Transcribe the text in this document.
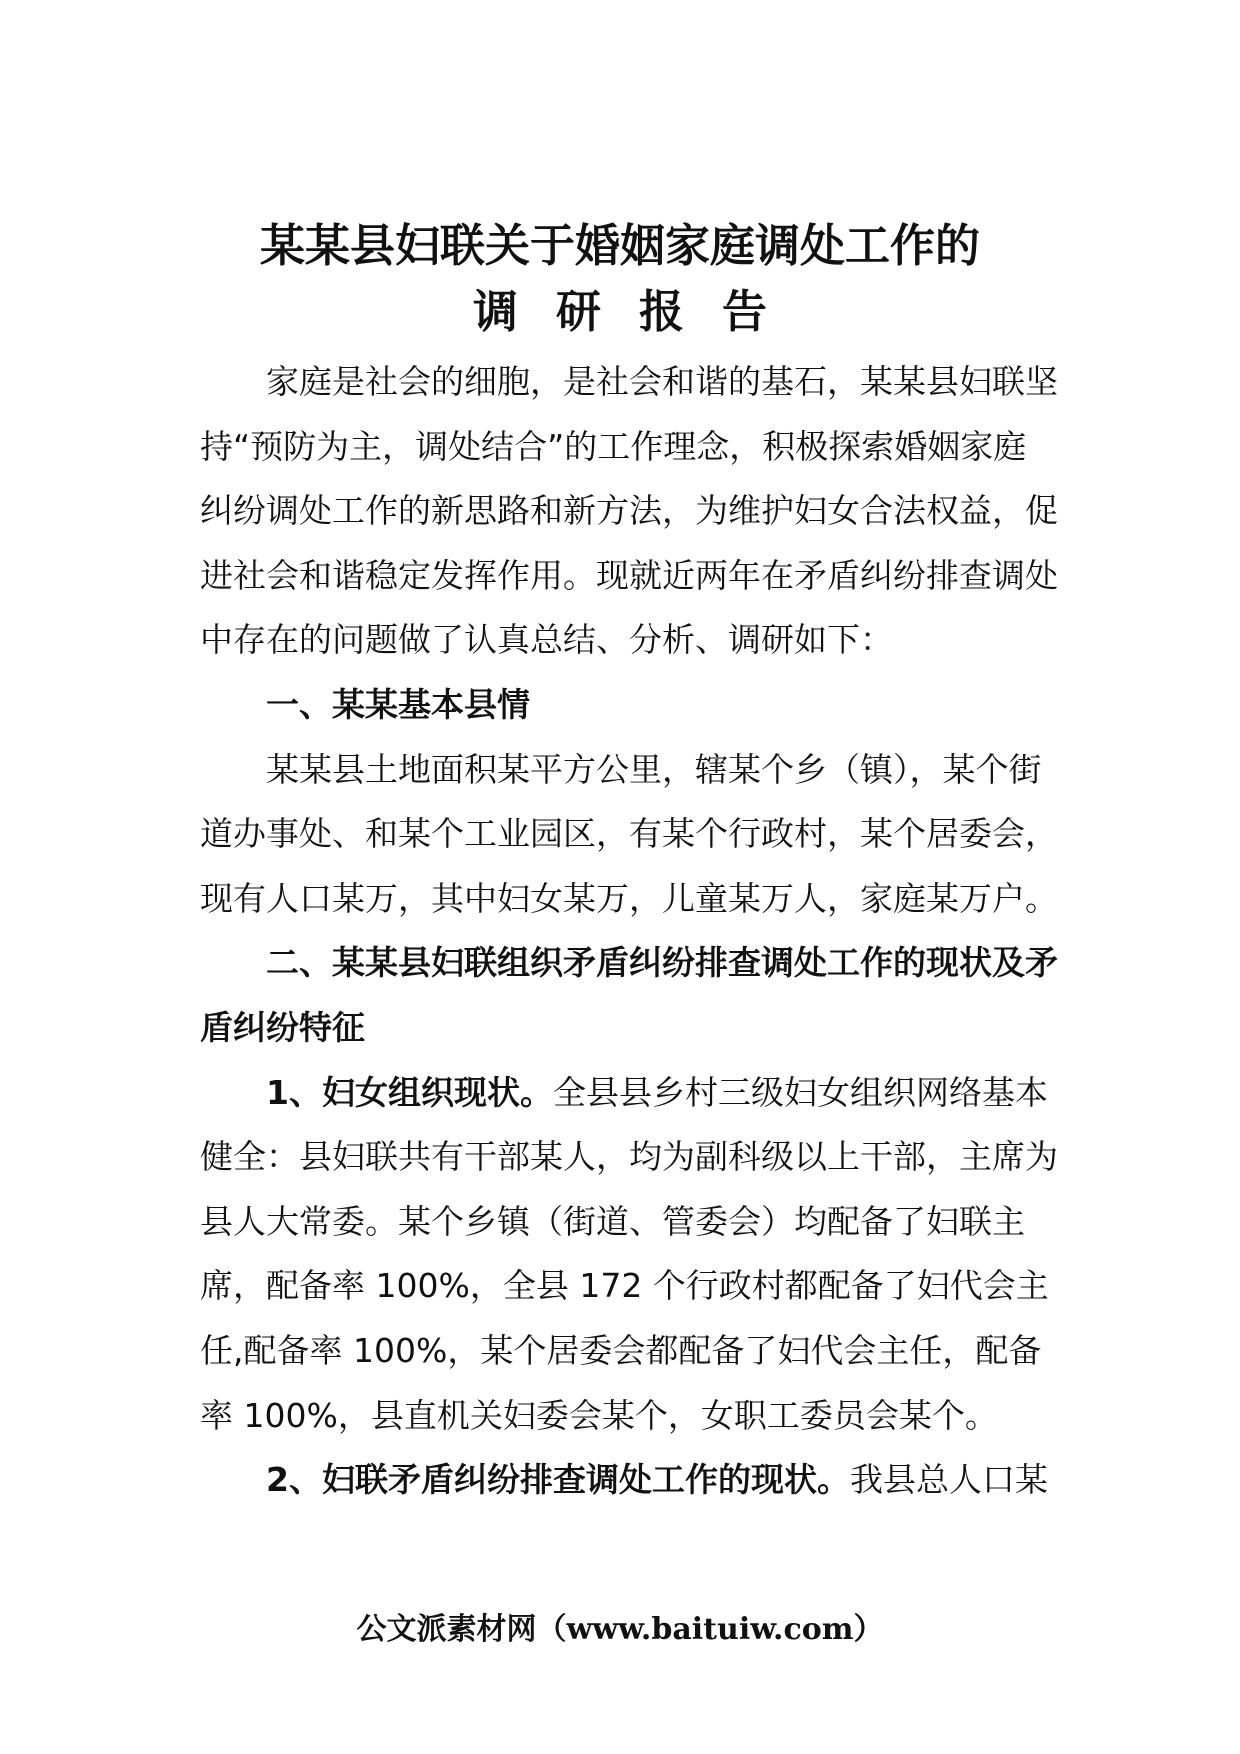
某某县妇联关于婚姻家庭调处工作的
调研报告
家庭是社会的细胞，是社会和谐的基石，某某县妇联坚
持“预防为主，调处结合”的工作理念，积极探索婚姻家庭
纠纷调处工作的新思路和新方法，为维护妇女合法权益，促
进社会和谐稳定发挥作用。现就近两年在矛盾纠纷排查调处
中存在的问题做了认真总结、分析、调研如下：
一、某某基本县情
某某县土地面积某平方公里，辖某个乡（镇），某个街
道办事处、和某个工业园区，有某个行政村，某个居委会，
现有人口某万，其中妇女某万，儿童某万人，家庭某万户。
二、某某县妇联组织矛盾纠纷排查调处工作的现状及矛
盾纠纷特征
1、妇女组织现状。全县县乡村三级妇女组织网络基本
健全：县妇联共有干部某人，均为副科级以上干部，主席为
县人大常委。某个乡镇（街道、管委会）均配备了妇联主
席，配备率 100%，全县 172 个行政村都配备了妇代会主
任,配备率 100%，某个居委会都配备了妇代会主任，配备
率 100%，县直机关妇委会某个，女职工委员会某个。
2、妇联矛盾纠纷排查调处工作的现状。我县总人口某
公文派素材网（www.baituiw.com）
